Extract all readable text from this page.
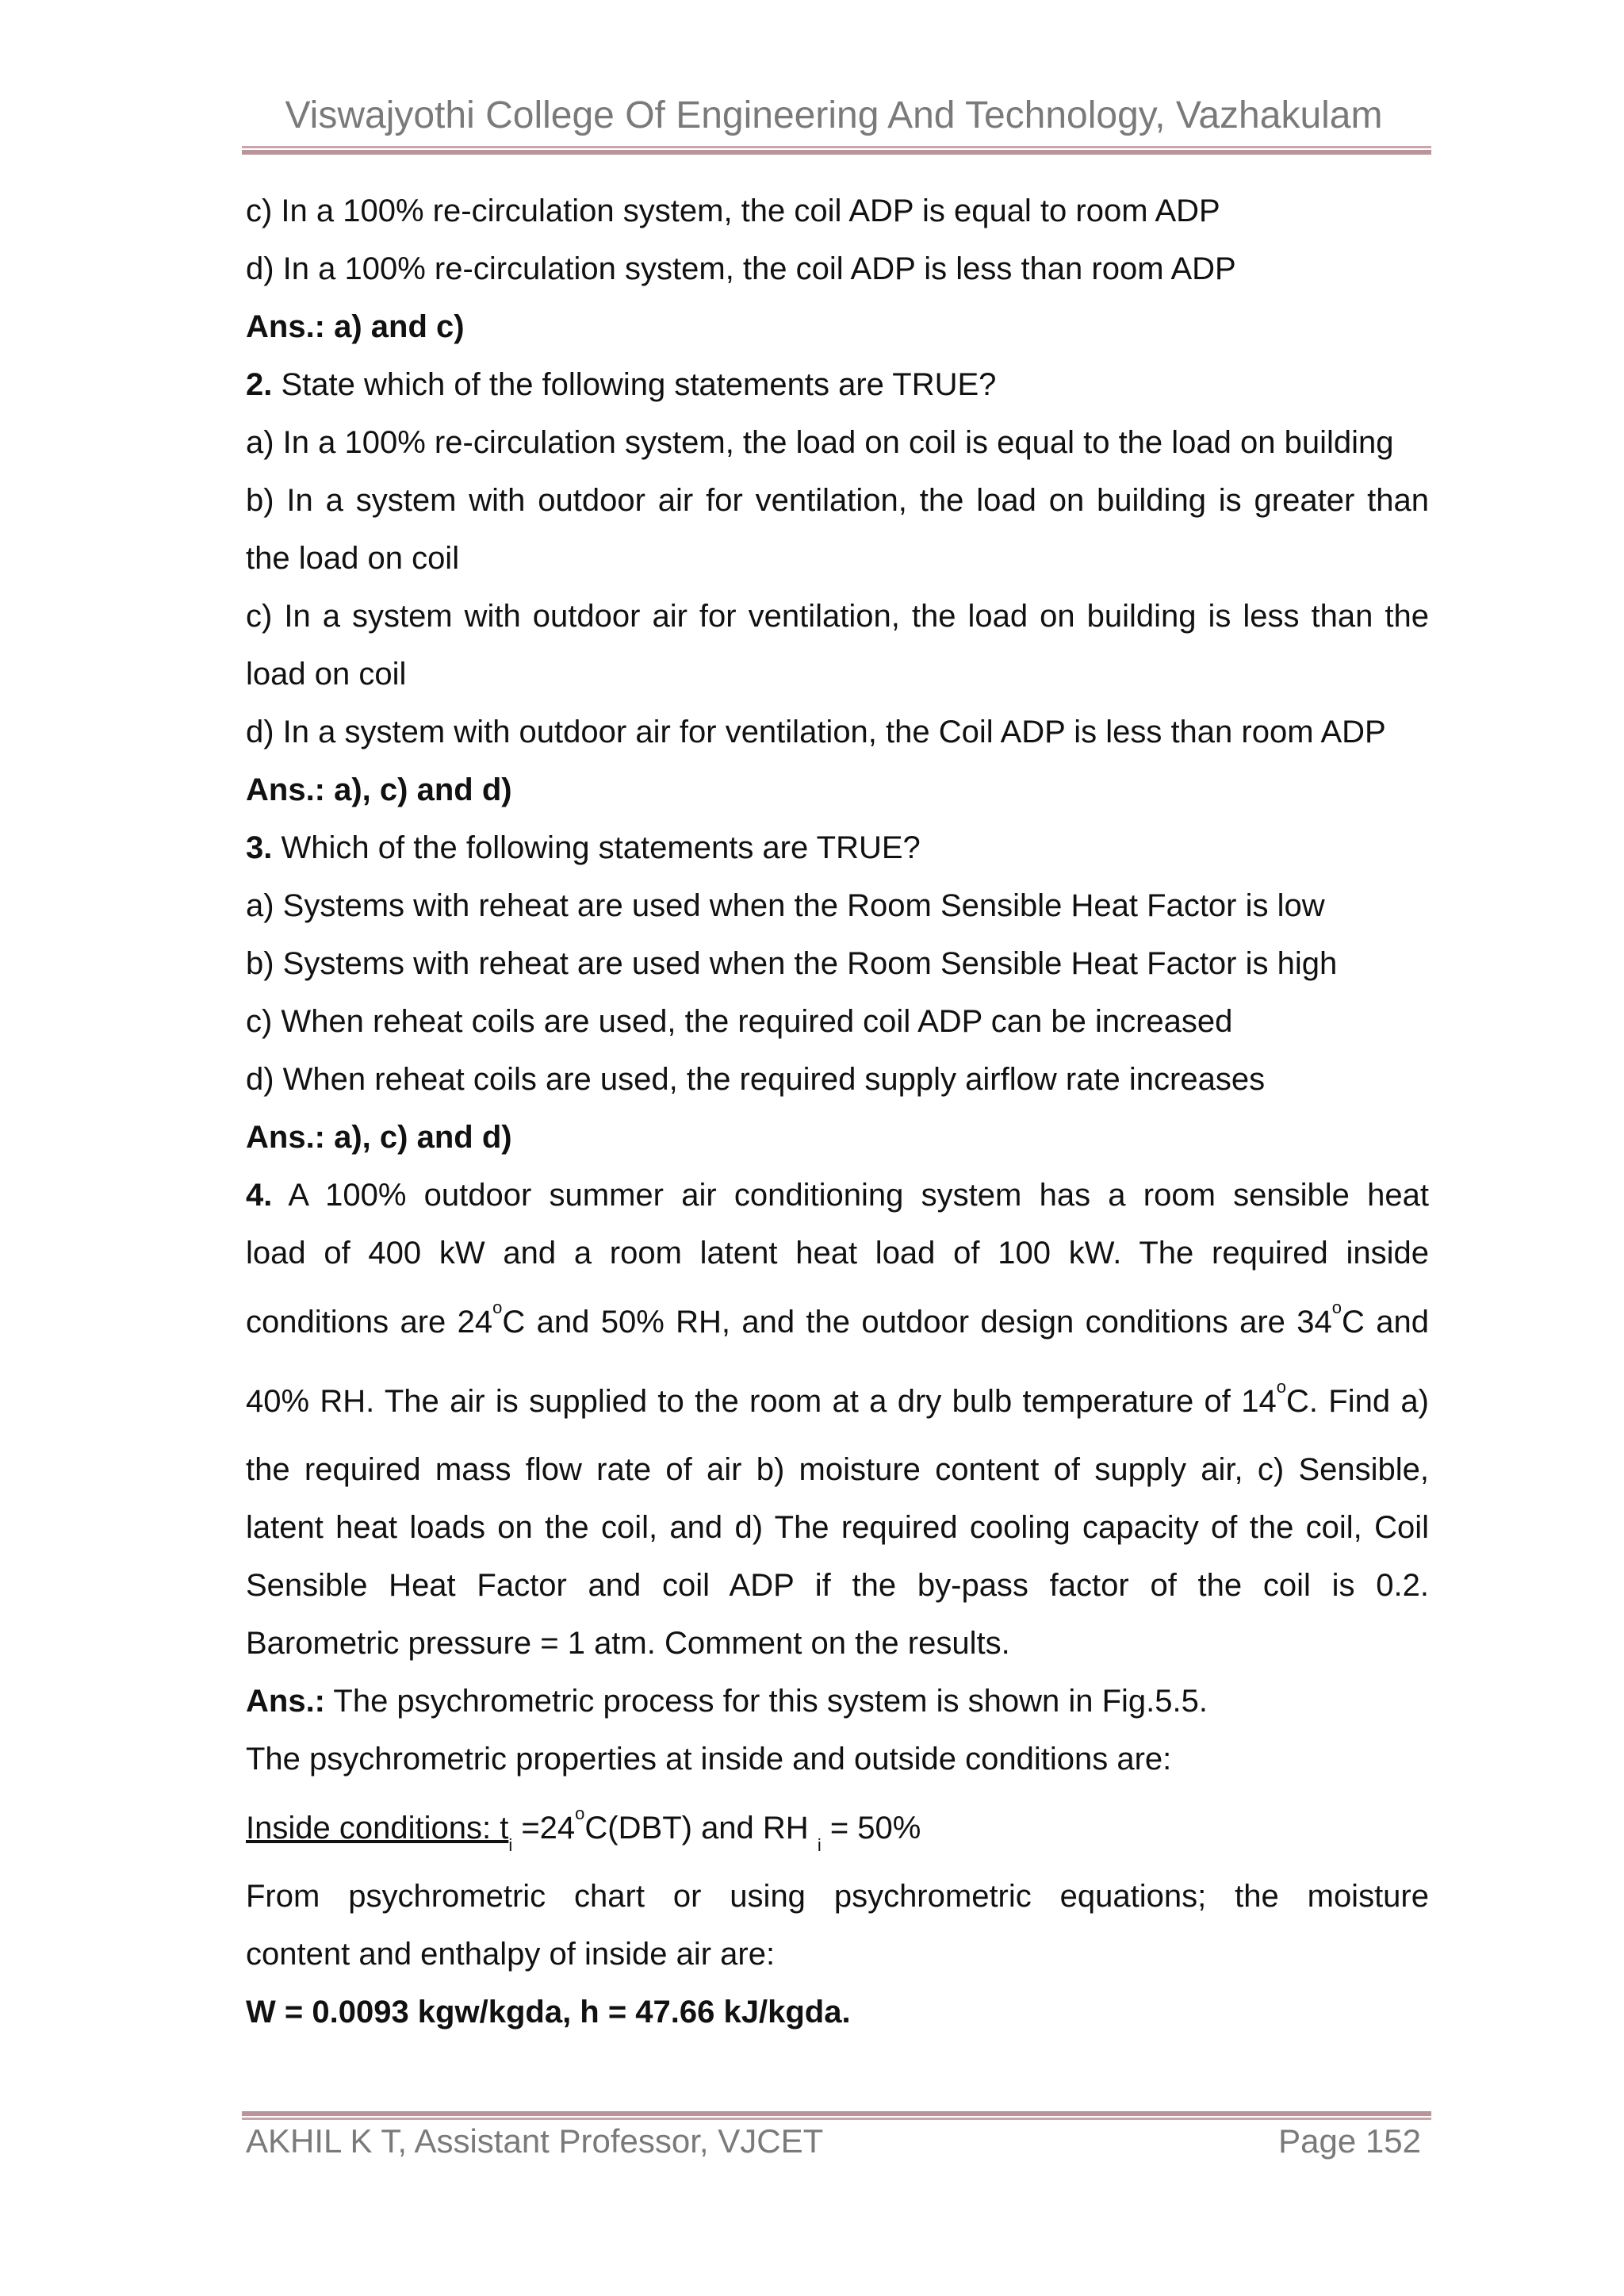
Viswajyothi College Of Engineering And Technology, Vazhakulam
c) In a 100% re-circulation system, the coil ADP is equal to room ADP
d) In a 100% re-circulation system, the coil ADP is less than room ADP
Ans.: a) and c)
2. State which of the following statements are TRUE?
a) In a 100% re-circulation system, the load on coil is equal to the load on building
b) In a system with outdoor air for ventilation, the load on building is greater than
the load on coil
c) In a system with outdoor air for ventilation, the load on building is less than the
load on coil
d) In a system with outdoor air for ventilation, the Coil ADP is less than room ADP
Ans.: a), c) and d)
3. Which of the following statements are TRUE?
a) Systems with reheat are used when the Room Sensible Heat Factor is low
b) Systems with reheat are used when the Room Sensible Heat Factor is high
c) When reheat coils are used, the required coil ADP can be increased
d) When reheat coils are used, the required supply airflow rate increases
Ans.: a), c) and d)
4. A 100% outdoor summer air conditioning system has a room sensible heat
load of 400 kW and a room latent heat load of 100 kW. The required inside
conditions are 24$^o$C and 50% RH, and the outdoor design conditions are 34$^o$C and
40% RH. The air is supplied to the room at a dry bulb temperature of 14$^o$C. Find a)
the required mass flow rate of air b) moisture content of supply air, c) Sensible,
latent heat loads on the coil, and d) The required cooling capacity of the coil, Coil
Sensible Heat Factor and coil ADP if the by-pass factor of the coil is 0.2.
Barometric pressure = 1 atm. Comment on the results.
Ans.: The psychrometric process for this system is shown in Fig.5.5.
The psychrometric properties at inside and outside conditions are:
Inside conditions: $t_i =24^oC(DBT)$ and RH $_i$ = 50%
From psychrometric chart or using psychrometric equations; the moisture
content and enthalpy of inside air are:
W = 0.0093 kgw/kgda, h = 47.66 kJ/kgda.
AKHIL K T, Assistant Professor, VJCET	Page 152
